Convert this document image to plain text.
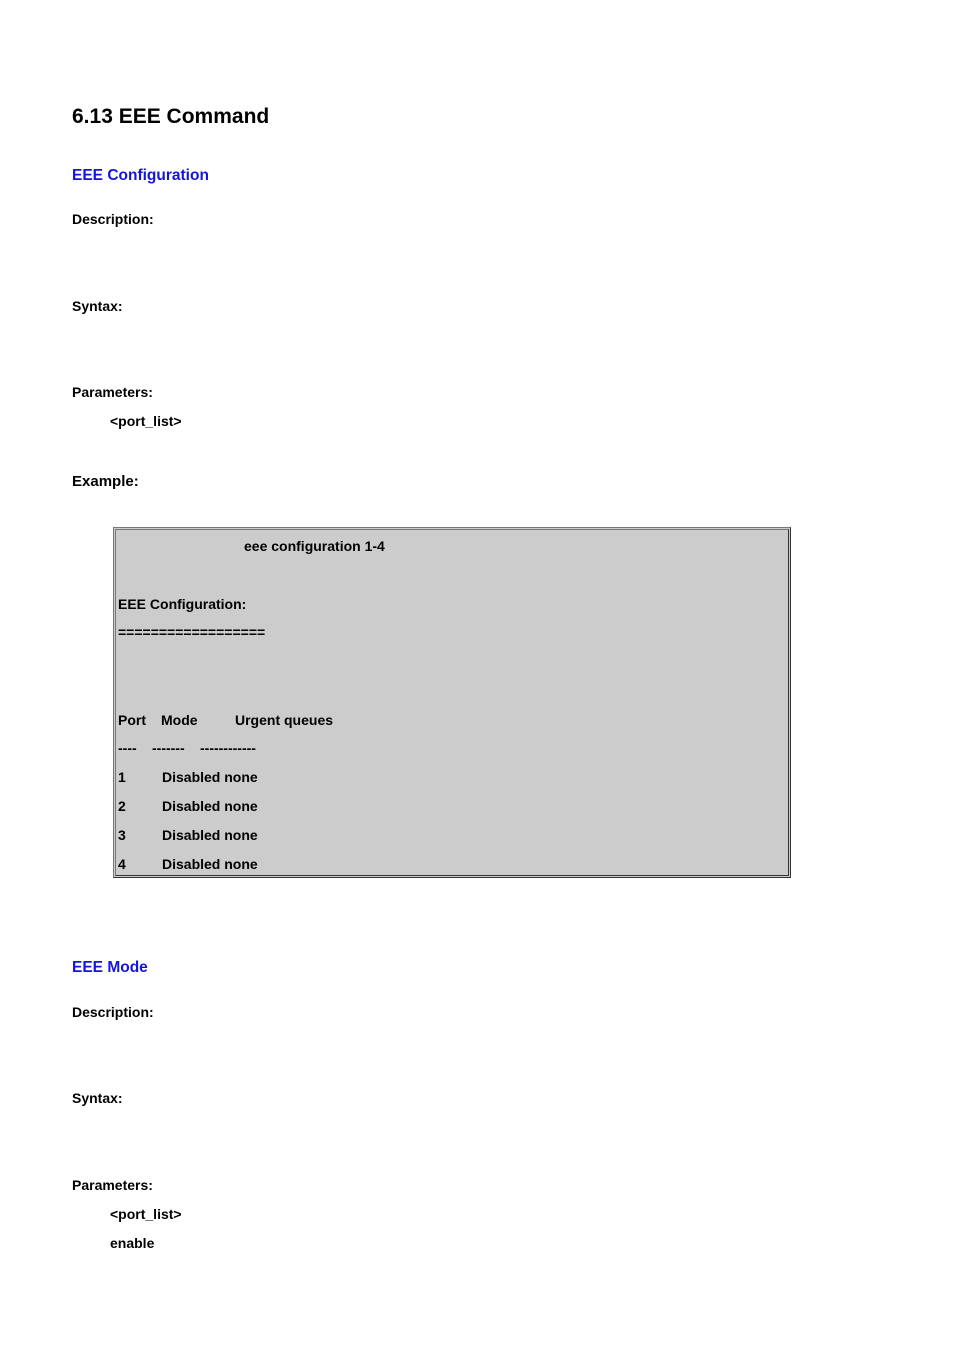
6.13 EEE Command
EEE Configuration
Description:
Syntax:
Parameters:
<port_list>
Example:
eee configuration 1-4
EEE Configuration:
==================
Port Mode	Urgent queues
---- ------- ------------
1	Disabled none
2	Disabled none
3	Disabled none
4	Disabled none
EEE Mode
Description:
Syntax:
Parameters:
<port_list>
enable
